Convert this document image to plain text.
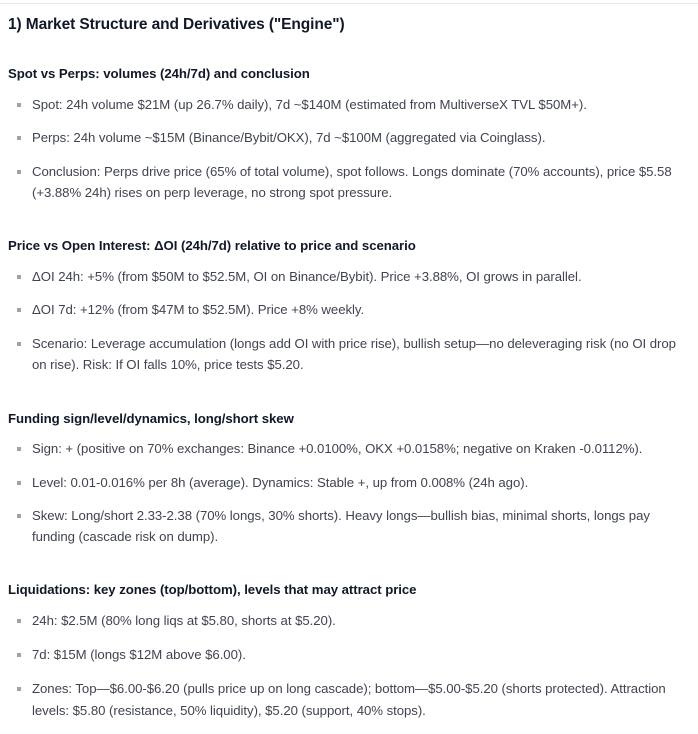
1) Market Structure and Derivatives ("Engine")
Spot vs Perps: volumes (24h/7d) and conclusion
Spot: 24h volume $21M (up 26.7% daily), 7d ~$140M (estimated from MultiverseX TVL $50M+).
Perps: 24h volume ~$15M (Binance/Bybit/OKX), 7d ~$100M (aggregated via Coinglass).
Conclusion: Perps drive price (65% of total volume), spot follows. Longs dominate (70% accounts), price $5.58 (+3.88% 24h) rises on perp leverage, no strong spot pressure.
Price vs Open Interest: ΔOI (24h/7d) relative to price and scenario
ΔOI 24h: +5% (from $50M to $52.5M, OI on Binance/Bybit). Price +3.88%, OI grows in parallel.
ΔOI 7d: +12% (from $47M to $52.5M). Price +8% weekly.
Scenario: Leverage accumulation (longs add OI with price rise), bullish setup—no deleveraging risk (no OI drop on rise). Risk: If OI falls 10%, price tests $5.20.
Funding sign/level/dynamics, long/short skew
Sign: + (positive on 70% exchanges: Binance +0.0100%, OKX +0.0158%; negative on Kraken -0.0112%).
Level: 0.01-0.016% per 8h (average). Dynamics: Stable +, up from 0.008% (24h ago).
Skew: Long/short 2.33-2.38 (70% longs, 30% shorts). Heavy longs—bullish bias, minimal shorts, longs pay funding (cascade risk on dump).
Liquidations: key zones (top/bottom), levels that may attract price
24h: $2.5M (80% long liqs at $5.80, shorts at $5.20).
7d: $15M (longs $12M above $6.00).
Zones: Top—$6.00-$6.20 (pulls price up on long cascade); bottom—$5.00-$5.20 (shorts protected). Attraction levels: $5.80 (resistance, 50% liquidity), $5.20 (support, 40% stops).
